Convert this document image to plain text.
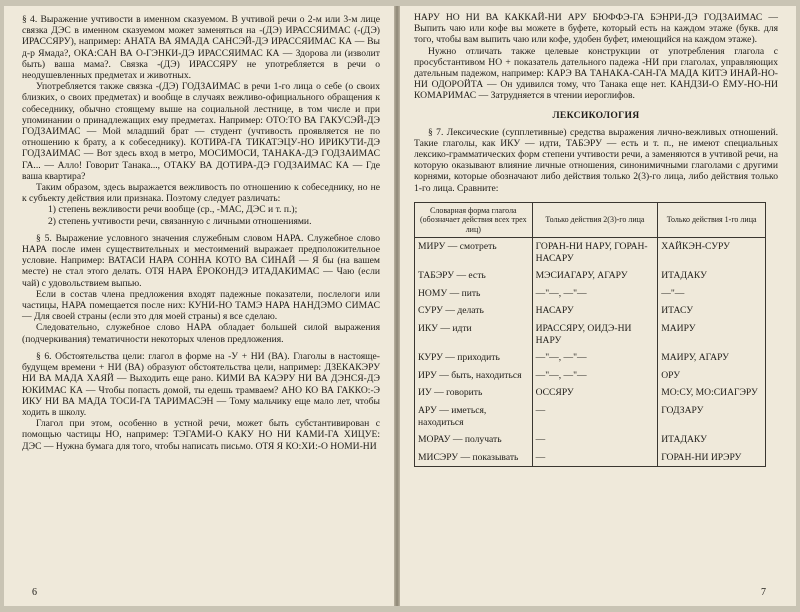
§ 4. Выражение учтивости в именном сказуемом. В учтивой речи о 2-м или 3-м лице связка ДЭС в именном сказуемом может заменяться на -(ДЭ) ИРАССЯИМАС (-(ДЭ) ИРАССЯРУ), например: АНАТА ВА ЯМАДА САНСЭЙ-ДЭ ИРАССЯИМАС КА — Вы д-р Ямада?, ОКА:САН ВА О-ГЭНКИ-ДЭ ИРАССЯИМАС КА — Здорова ли (изволит быть) ваша мама?. Связка -(ДЭ) ИРАССЯРУ не употребляется в речи о неодушевленных предметах и животных.

Употребляется также связка -(ДЭ) ГОДЗАИМАС в речи 1-го лица о себе (о своих близких, о своих предметах) и вообще в случаях вежливо-официального обращения к собеседнику, обычно стоящему выше на социальной лестнице, в том числе и при упоминании о принадлежащих ему предметах. Например: ОТО:ТО ВА ГАКУСЭЙ-ДЭ ГОДЗАИМАС — Мой младший брат — студент (учтивость проявляется не по отношению к брату, а к собеседнику). КОТИРА-ГА ТИКАТЭЦУ-НО ИРИКУТИ-ДЭ ГОДЗАИМАС — Вот здесь вход в метро, МОСИМОСИ, ТАНАКА-ДЭ ГОДЗАИМАС ГА... — Алло! Говорит Танака..., ОТАКУ ВА ДОТИРА-ДЭ ГОДЗАИМАС КА — Где ваша квартира?

Таким образом, здесь выражается вежливость по отношению к собеседнику, но не к субъекту действия или признака. Поэтому следует различать:

1) степень вежливости речи вообще (ср., -МАС, ДЭС и т. п.);

2) степень учтивости речи, связанную с личными отношениями.

§ 5. Выражение условного значения служебным словом НАРА. Служебное слово НАРА после имен существительных и местоимений выражает предположительное условие. Например: ВАТАСИ НАРА СОННА КОТО ВА СИНАЙ — Я бы (на вашем месте) не стал этого делать. ОТЯ НАРА ЁРОКОНДЭ ИТАДАКИМАС — Чаю (если чай) с удовольствием выпью.

Если в состав члена предложения входят падежные показатели, послелоги или частицы, НАРА помещается после них: КУНИ-НО ТАМЭ НАРА НАНДЭМО СИМАС — Для своей страны (если это для моей страны) я все сделаю.

Следовательно, служебное слово НАРА обладает большей силой выражения (подчеркивания) тематичности некоторых членов предложения.

§ 6. Обстоятельства цели: глагол в форме на -У + НИ (ВА). Глаголы в настояще-будущем времени + НИ (ВА) образуют обстоятельства цели, например: ДЗЕКАКЭРУ НИ ВА МАДА ХАЯЙ — Выходить еще рано. КИМИ ВА КАЭРУ НИ ВА ДЭНСЯ-ДЭ ЮКИМАС КА — Чтобы попасть домой, ты едешь трамваем? АНО КО ВА ГАККО:-Э ИКУ НИ ВА МАДА ТОСИ-ГА ТАРИМАСЭН — Тому мальчику еще мало лет, чтобы ходить в школу.

Глагол при этом, особенно в устной речи, может быть субстантивирован с помощью частицы НО, например: ТЭГАМИ-О КАКУ НО НИ КАМИ-ГА ХИЦУЕ: ДЭС — Нужна бумага для того, чтобы написать письмо. ОТЯ Я КО:ХИ:-О НОМИ-НИ

6

НАРУ НО НИ ВА КАККАЙ-НИ АРУ БЮФФЭ-ГА БЭНРИ-ДЭ ГОДЗАИМАС — Выпить чаю или кофе вы можете в буфете, который есть на каждом этаже (букв. для того, чтобы вам выпить чаю или кофе, удобен буфет, имеющийся на каждом этаже).

Нужно отличать также целевые конструкции от употребления глагола с просубстантивом НО + показатель дательного падежа -НИ при глаголах, управляющих дательным падежом, например: КАРЭ ВА ТАНАКА-САН-ГА МАДА КИТЭ ИНАЙ-НО-НИ ОДОРОЙТА — Он удивился тому, что Танака еще нет. КАНДЗИ-О ЁМУ-НО-НИ КОМАРИМАС — Затрудняется в чтении иероглифов.

ЛЕКСИКОЛОГИЯ

§ 7. Лексические (супплетивные) средства выражения лично-вежливых отношений. Такие глаголы, как ИКУ — идти, ТАБЭРУ — есть и т. п., не имеют специальных лексико-грамматических форм степени учтивости речи, а заменяются в учтивой речи, на которую оказывают влияние личные отношения, синонимичными глаголами с другими корнями, которые обозначают либо действия только 2(3)-го лица, либо действия только 1-го лица. Сравните:

Словарная форма глагола (обозначает действия всех трех лиц)	Только действия 2(3)-го лица	Только действия 1-го лица
МИРУ — смотреть	ГОРАН-НИ НАРУ, ГОРАН-НАСАРУ	ХАЙКЭН-СУРУ
ТАБЭРУ — есть	МЭСИАГАРУ, АГАРУ	ИТАДАКУ
НОМУ — пить	—"—, —"—	—"—
СУРУ — делать	НАСАРУ	ИТАСУ
ИКУ — идти	ИРАССЯРУ, ОИДЭ-НИ НАРУ	МАИРУ
КУРУ — приходить	—"—, —"—	МАИРУ, АГАРУ
ИРУ — быть, находиться	—"—, —"—	ОРУ
ИУ — говорить	ОССЯРУ	МО:СУ, МО:СИАГЭРУ
АРУ — иметься, находиться	—	ГОДЗАРУ
МОРАУ — получать	—	ИТАДАКУ
МИСЭРУ — показывать	—	ГОРАН-НИ ИРЭРУ
7
